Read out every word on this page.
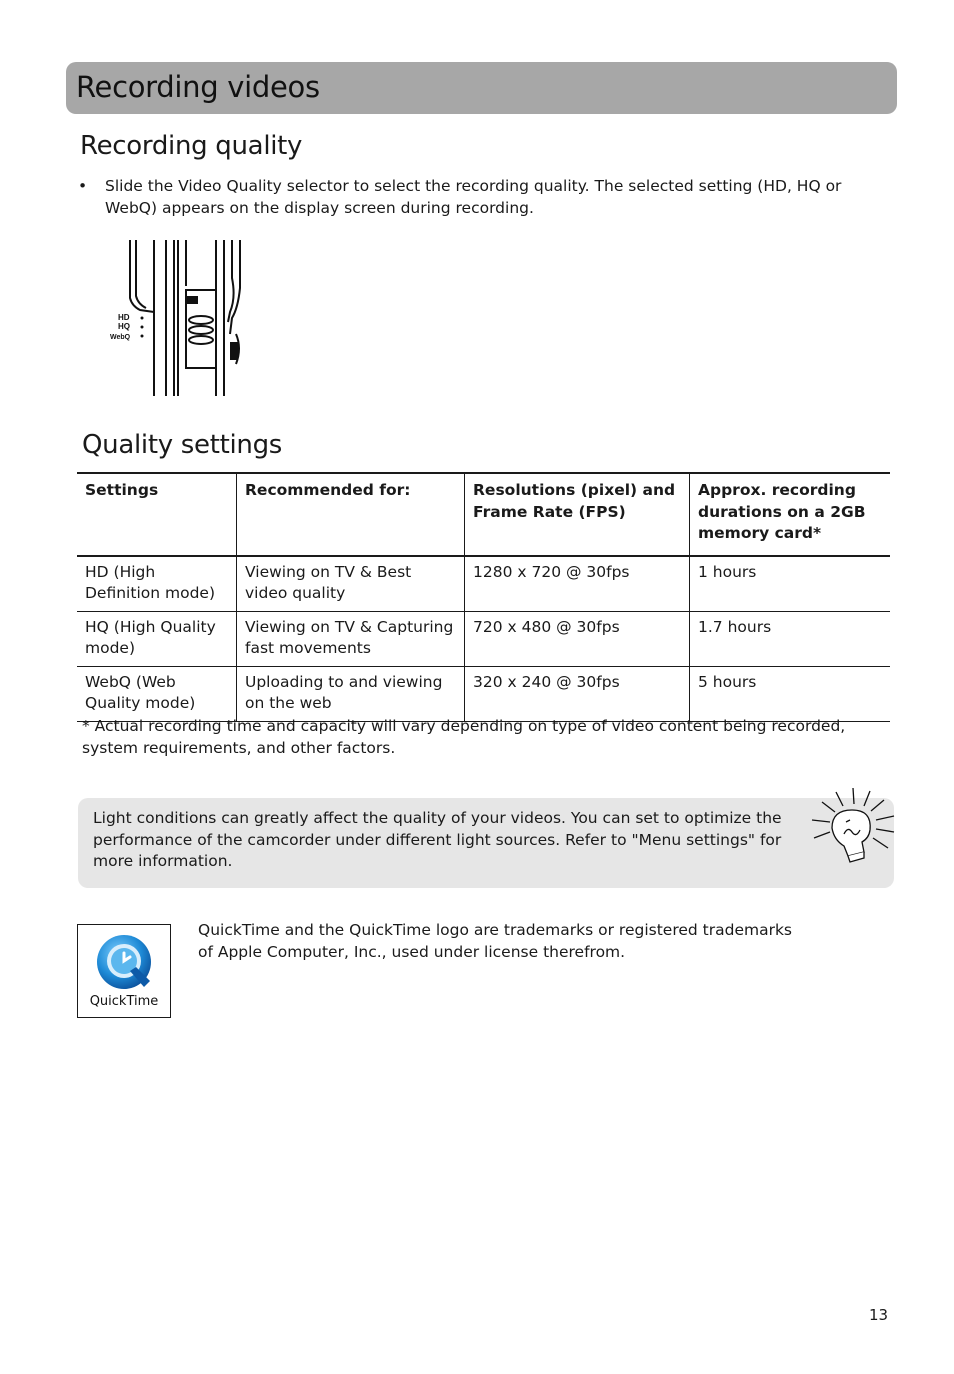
Recording videos
Recording quality
• Slide the Video Quality selector to select the recording quality. The selected setting (HD, HQ or WebQ) appears on the display screen during recording.
HD
HQ
WebQ
Quality settings
Settings	Recommended for:	Resolutions (pixel) and Frame Rate (FPS)	Approx. recording durations on a 2GB memory card*
HD (High Definition mode)	Viewing on TV & Best video quality	1280 x 720 @ 30fps	1 hours
HQ (High Quality mode)	Viewing on TV & Capturing fast movements	720 x 480 @ 30fps	1.7 hours
WebQ (Web Quality mode)	Uploading to and viewing on the web	320 x 240 @ 30fps	5 hours
* Actual recording time and capacity will vary depending on type of video content being recorded, system requirements, and other factors.
Light conditions can greatly affect the quality of your videos. You can set to optimize the performance of the camcorder under different light sources. Refer to "Menu settings" for more information.
QuickTime
QuickTime and the QuickTime logo are trademarks or registered trademarks of Apple Computer, Inc., used under license therefrom.
13
